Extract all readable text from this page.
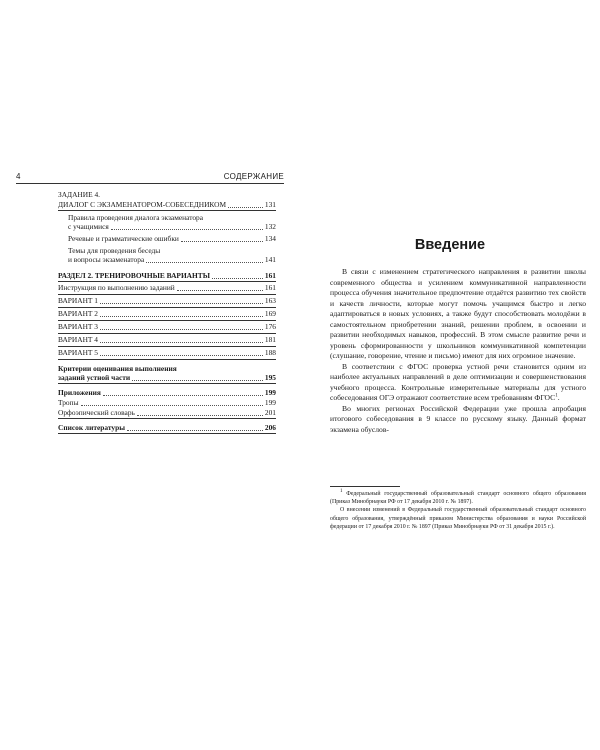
4	СОДЕРЖАНИЕ
ЗАДАНИЕ 4.
ДИАЛОГ С ЭКЗАМЕНАТОРОМ-СОБЕСЕДНИКОМ	131
Правила проведения диалога экзаменатора
с учащимися	132
Речевые и грамматические ошибки	134
Темы для проведения беседы
и вопросы экзаменатора	141
РАЗДЕЛ 2. ТРЕНИРОВОЧНЫЕ ВАРИАНТЫ	161
Инструкция по выполнению заданий	161
ВАРИАНТ 1	163
ВАРИАНТ 2	169
ВАРИАНТ 3	176
ВАРИАНТ 4	181
ВАРИАНТ 5	188
Критерии оценивания выполнения
заданий устной части	195
Приложения	199
Тропы	199
Орфоэпический словарь	201
Список литературы	206
Введение

В связи с изменением стратегического направления в развитии школы современного общества и усилением коммуникативной направленности процесса обучения значительное предпочтение отдаётся развитию тех свойств и качеств личности, которые могут помочь учащимся быстро и легко адаптироваться в новых условиях, а также будут способствовать молодёжи в самостоятельном приобретении знаний, решении проблем, в освоении и развитии необходимых навыков, профессий. В этом смысле развитие речи и уровень сформированности у школьников коммуникативной компетенции (слушание, говорение, чтение и письмо) имеют для них огромное значение.

В соответствии с ФГОС проверка устной речи становится одним из наиболее актуальных направлений в деле оптимизации и совершенствования учебного процесса. Контрольные измерительные материалы для устного собеседования ОГЭ отражают соответствие всем требованиям ФГОС$^1$.

Во многих регионах Российской Федерации уже прошла апробация итогового собеседования в 9 классе по русскому языку. Данный формат экзамена обуслов-

$^1$ Федеральный государственный образовательный стандарт основного общего образования (Приказ Минобрнауки РФ от 17 декабря 2010 г. № 1897).

О внесении изменений в Федеральный государственный образовательный стандарт основного общего образования, утверждённый приказом Министерства образования и науки Российской федерации от 17 декабря 2010 г. № 1897 (Приказ Минобрнауки РФ от 31 декабря 2015 г.).
